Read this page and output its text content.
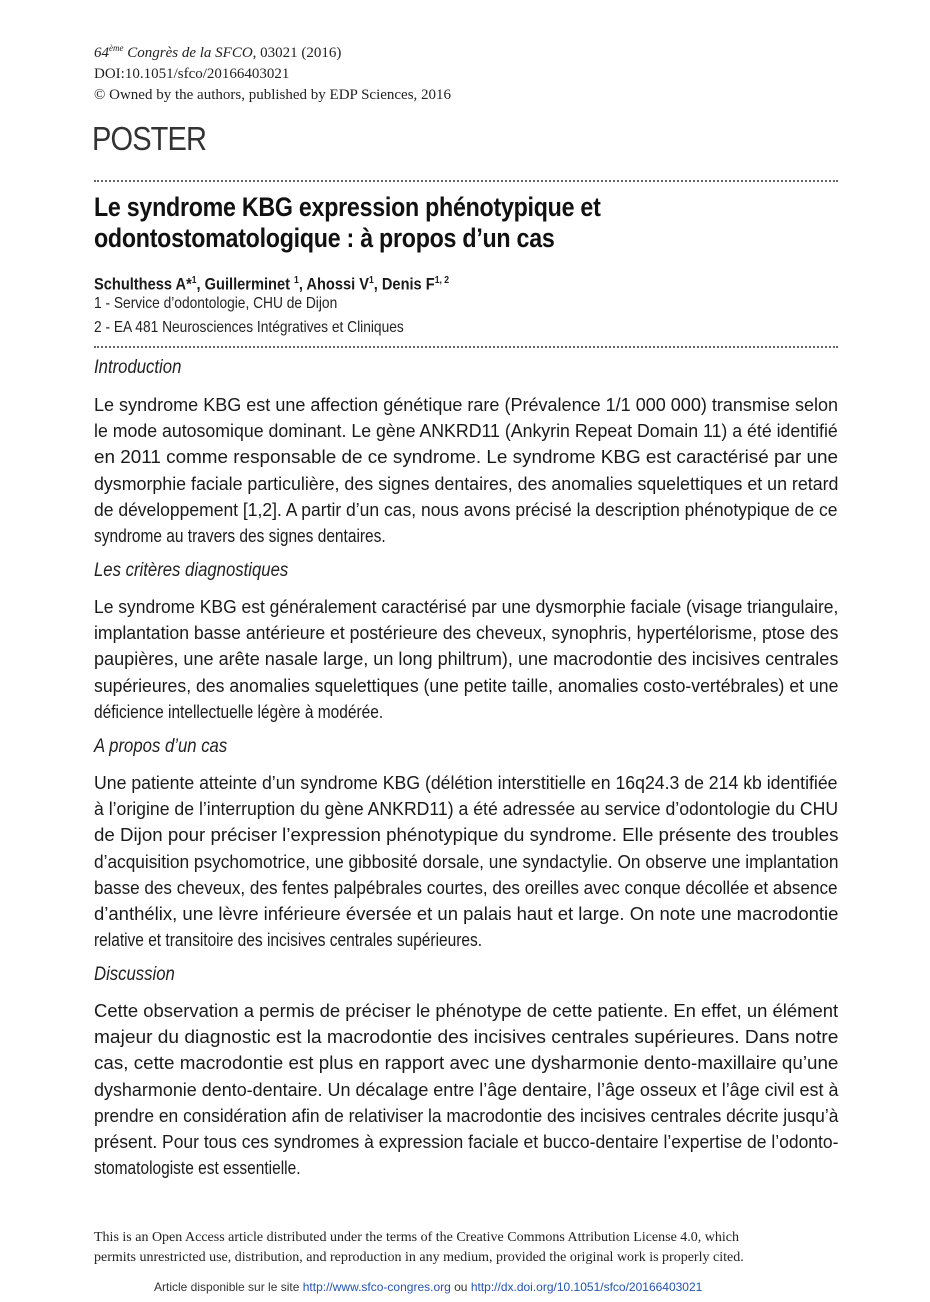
64ème Congrès de la SFCO, 03021 (2016)
DOI:10.1051/sfco/20166403021
© Owned by the authors, published by EDP Sciences, 2016
POSTER
Le syndrome KBG expression phénotypique et
odontostomatologique : à propos d’un cas
Schulthess A*$^1$, Guillerminet $^1$, Ahossi $V^1$, Denis F$^{1, 2}$
1 - Service d’odontologie, CHU de Dijon
2 - EA 481 Neurosciences Intégratives et Cliniques
Introduction
Le syndrome KBG est une affection génétique rare (Prévalence 1/1 000 000) transmise selon
le mode autosomique dominant. Le gène ANKRD11 (Ankyrin Repeat Domain 11) a été identifié
en 2011 comme responsable de ce syndrome. Le syndrome KBG est caractérisé par une
dysmorphie faciale particulière, des signes dentaires, des anomalies squelettiques et un retard
de développement [1,2]. A partir d’un cas, nous avons précisé la description phénotypique de ce
syndrome au travers des signes dentaires.
Les critères diagnostiques
Le syndrome KBG est généralement caractérisé par une dysmorphie faciale (visage triangulaire,
implantation basse antérieure et postérieure des cheveux, synophris, hypertélorisme, ptose des
paupières, une arête nasale large, un long philtrum), une macrodontie des incisives centrales
supérieures, des anomalies squelettiques (une petite taille, anomalies costo-vertébrales) et une
déficience intellectuelle légère à modérée.
A propos d’un cas
Une patiente atteinte d’un syndrome KBG (délétion interstitielle en 16q24.3 de 214 kb identifiée
à l’origine de l’interruption du gène ANKRD11) a été adressée au service d’odontologie du CHU
de Dijon pour préciser l’expression phénotypique du syndrome. Elle présente des troubles
d’acquisition psychomotrice, une gibbosité dorsale, une syndactylie. On observe une implantation
basse des cheveux, des fentes palpébrales courtes, des oreilles avec conque décollée et absence
d’anthélix, une lèvre inférieure éversée et un palais haut et large. On note une macrodontie
relative et transitoire des incisives centrales supérieures.
Discussion
Cette observation a permis de préciser le phénotype de cette patiente. En effet, un élément
majeur du diagnostic est la macrodontie des incisives centrales supérieures. Dans notre
cas, cette macrodontie est plus en rapport avec une dysharmonie dento-maxillaire qu’une
dysharmonie dento-dentaire. Un décalage entre l’âge dentaire, l’âge osseux et l’âge civil est à
prendre en considération afin de relativiser la macrodontie des incisives centrales décrite jusqu’à
présent. Pour tous ces syndromes à expression faciale et bucco-dentaire l’expertise de l’odonto-
stomatologiste est essentielle.
This is an Open Access article distributed under the terms of the Creative Commons Attribution License 4.0, which
permits unrestricted use, distribution, and reproduction in any medium, provided the original work is properly cited.
Article disponible sur le site http://www.sfco-congres.org ou http://dx.doi.org/10.1051/sfco/20166403021
